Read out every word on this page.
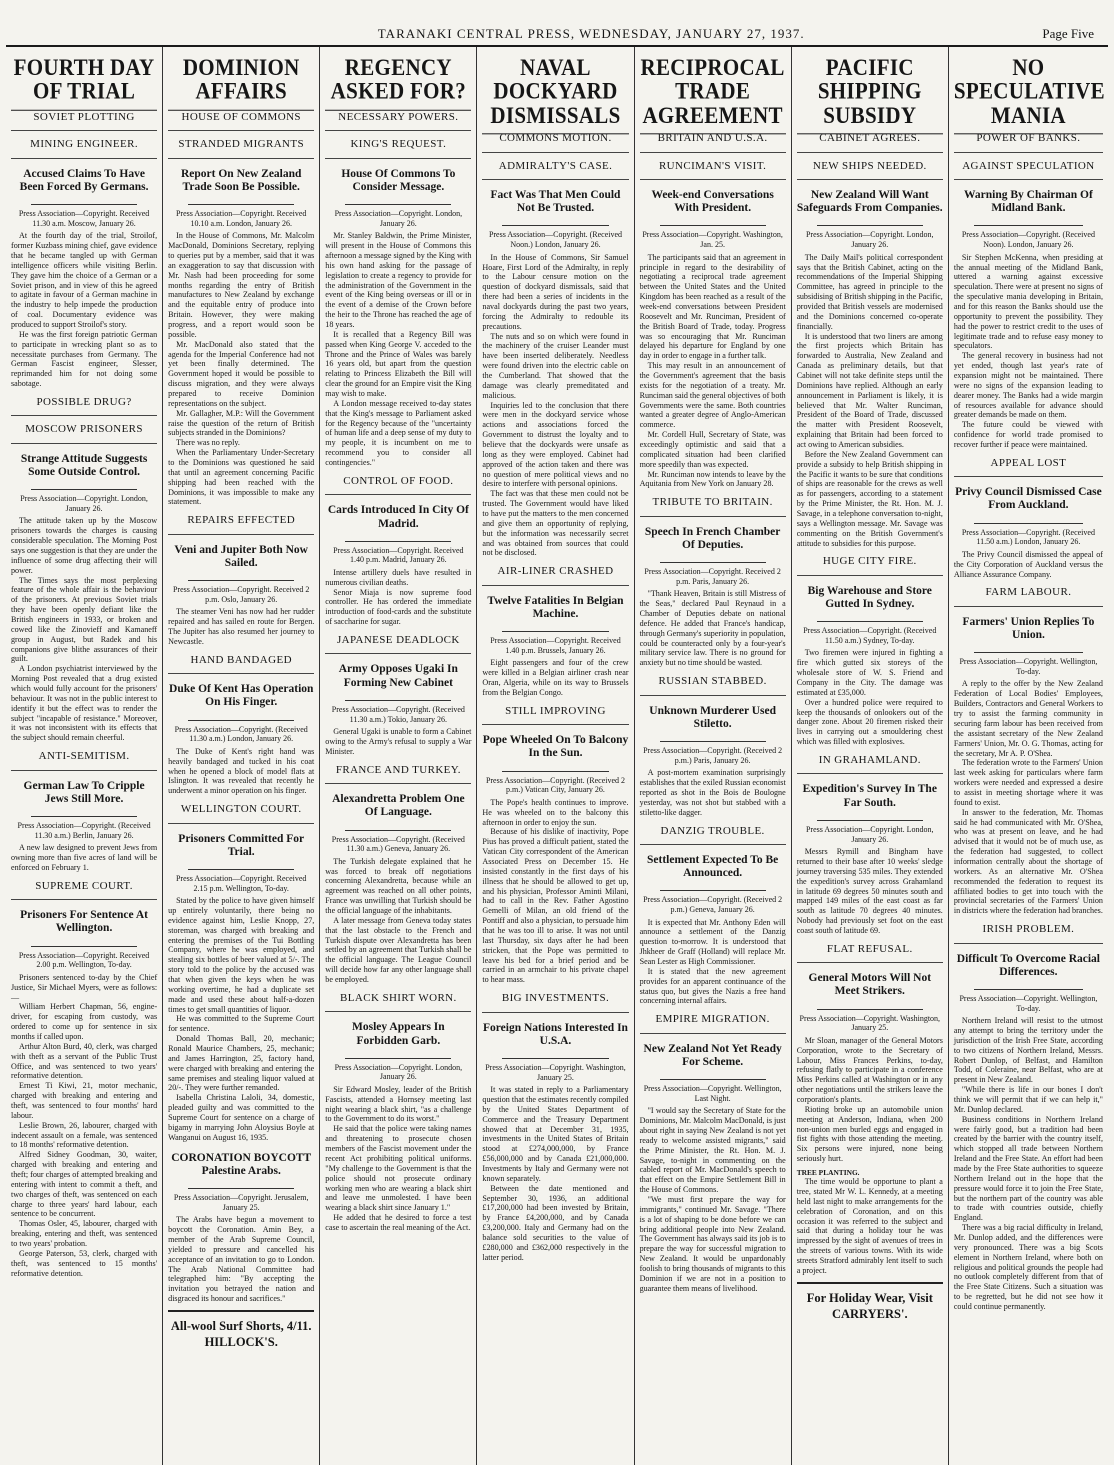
TARANAKI CENTRAL PRESS, WEDNESDAY, JANUARY 27, 1937.	Page Five
FOURTH DAY OF TRIAL
SOVIET PLOTTING
MINING ENGINEER.
Accused Claims To Have Been Forced By Germans.
Press Association—Copyright. Received 11.30 a.m. Moscow, January 26.

At the fourth day of the trial, Stroilof, former Kuzbass mining chief, gave evidence that he became tangled up with German intelligence officers while visiting Berlin. They gave him the choice of a German or a Soviet prison, and in view of this he agreed to agitate in favour of a German machine in the industry to help impede the production of coal. Documentary evidence was produced to support Stroilof's story.

He was the first foreign patriotic German to participate in wrecking plant so as to necessitate purchases from Germany. The German Fascist engineer, Slesser, reprimanded him for not doing some sabotage.

POSSIBLE DRUG?
MOSCOW PRISONERS
Strange Attitude Suggests Some Outside Control.
Press Association—Copyright. London, January 26.

The attitude taken up by the Moscow prisoners towards the charges is causing considerable speculation. The Morning Post says one suggestion is that they are under the influence of some drug affecting their will power.

The Times says the most perplexing feature of the whole affair is the behaviour of the prisoners. At previous Soviet trials they have been openly defiant like the British engineers in 1933, or broken and cowed like the Zinovieff and Kamaneff group in August, but Radek and his companions give blithe assurances of their guilt.

A London psychiatrist interviewed by the Morning Post revealed that a drug existed which would fully account for the prisoners' behaviour. It was not in the public interest to identify it but the effect was to render the subject "incapable of resistance." Moreover, it was not inconsistent with its effects that the subject should remain cheerful.

ANTI-SEMITISM.
German Law To Cripple Jews Still More.
Press Association—Copyright. (Received 11.30 a.m.) Berlin, January 26.

A new law designed to prevent Jews from owning more than five acres of land will be enforced on February 1.

SUPREME COURT.
Prisoners For Sentence At Wellington.
Press Association—Copyright. Received 2.00 p.m. Wellington, To-day.

Prisoners sentenced to-day by the Chief Justice, Sir Michael Myers, were as follows:—

William Herbert Chapman, 56, engine-driver, for escaping from custody, was ordered to come up for sentence in six months if called upon.

Arthur Alton Burd, 40, clerk, was charged with theft as a servant of the Public Trust Office, and was sentenced to two years' reformative detention.

Ernest Ti Kiwi, 21, motor mechanic, charged with breaking and entering and theft, was sentenced to four months' hard labour.

Leslie Brown, 26, labourer, charged with indecent assault on a female, was sentenced to 18 months' reformative detention.

Alfred Sidney Goodman, 30, waiter, charged with breaking and entering and theft; four charges of attempted breaking and entering with intent to commit a theft, and two charges of theft, was sentenced on each charge to three years' hard labour, each sentence to be concurrent.

Thomas Osler, 45, labourer, charged with breaking, entering and theft, was sentenced to two years' probation.

George Paterson, 53, clerk, charged with theft, was sentenced to 15 months' reformative detention.

DOMINION AFFAIRS
HOUSE OF COMMONS
STRANDED MIGRANTS
Report On New Zealand Trade Soon Be Possible.
Press Association—Copyright. Received 10.10 a.m. London, January 26.

In the House of Commons, Mr. Malcolm MacDonald, Dominions Secretary, replying to queries put by a member, said that it was an exaggeration to say that discussion with Mr. Nash had been proceeding for some months regarding the entry of British manufactures to New Zealand by exchange and the equitable entry of produce into Britain. However, they were making progress, and a report would soon be possible.

Mr. MacDonald also stated that the agenda for the Imperial Conference had not yet been finally determined. The Government hoped it would be possible to discuss migration, and they were always prepared to receive Dominion representations on the subject.

Mr. Gallagher, M.P.: Will the Government raise the question of the return of British subjects stranded in the Dominions?

There was no reply.

When the Parliamentary Under-Secretary to the Dominions was questioned he said that until an agreement concerning Pacific shipping had been reached with the Dominions, it was impossible to make any statement.

REPAIRS EFFECTED
Veni and Jupiter Both Now Sailed.
Press Association—Copyright. Received 2 p.m. Oslo, January 26.

The steamer Veni has now had her rudder repaired and has sailed en route for Bergen. The Jupiter has also resumed her journey to Newcastle.

HAND BANDAGED
Duke Of Kent Has Operation On His Finger.
Press Association—Copyright. (Received 11.30 a.m.) London, January 26.

The Duke of Kent's right hand was heavily bandaged and tucked in his coat when he opened a block of model flats at Islington. It was revealed that recently he underwent a minor operation on his finger.

WELLINGTON COURT.
Prisoners Committed For Trial.
Press Association—Copyright. Received 2.15 p.m. Wellington, To-day.

Stated by the police to have given himself up entirely voluntarily, there being no evidence against him, Leslie Knopp, 27, storeman, was charged with breaking and entering the premises of the Tui Bottling Company, where he was employed, and stealing six bottles of beer valued at 5/-. The story told to the police by the accused was that when given the keys when he was working overtime, he had a duplicate set made and used these about half-a-dozen times to get small quantities of liquor.

He was committed to the Supreme Court for sentence.

Donald Thomas Ball, 20, mechanic; Ronald Maurice Chambers, 25, mechanic; and James Harrington, 25, factory hand, were charged with breaking and entering the same premises and stealing liquor valued at 20/-. They were further remanded.

Isabella Christina Laloli, 34, domestic, pleaded guilty and was committed to the Supreme Court for sentence on a charge of bigamy in marrying John Aloysius Boyle at Wanganui on August 16, 1935.

CORONATION BOYCOTT Palestine Arabs.
Press Association—Copyright. Jerusalem, January 25.

The Arabs have begun a movement to boycott the Coronation. Amin Bey, a member of the Arab Supreme Council, yielded to pressure and cancelled his acceptance of an invitation to go to London. The Arab National Committee had telegraphed him: "By accepting the invitation you betrayed the nation and disgraced its honour and sacrifices."

All-wool Surf Shorts, 4/11. HILLOCK'S.
REGENCY ASKED FOR?
NECESSARY POWERS.
KING'S REQUEST.
House Of Commons To Consider Message.
Press Association—Copyright. London, January 26.

Mr. Stanley Baldwin, the Prime Minister, will present in the House of Commons this afternoon a message signed by the King with his own hand asking for the passage of legislation to create a regency to provide for the administration of the Government in the event of the King being overseas or ill or in the event of a demise of the Crown before the heir to the Throne has reached the age of 18 years.

It is recalled that a Regency Bill was passed when King George V. acceded to the Throne and the Prince of Wales was barely 16 years old, but apart from the question relating to Princess Elizabeth the Bill will clear the ground for an Empire visit the King may wish to make.

A London message received to-day states that the King's message to Parliament asked for the Regency because of the "uncertainty of human life and a deep sense of my duty to my people, it is incumbent on me to recommend you to consider all contingencies."

CONTROL OF FOOD.
Cards Introduced In City Of Madrid.
Press Association—Copyright. Received 1.40 p.m. Madrid, January 26.

Intense artillery duels have resulted in numerous civilian deaths.

Senor Miaja is now supreme food controller. He has ordered the immediate introduction of food-cards and the substitute of saccharine for sugar.

JAPANESE DEADLOCK
Army Opposes Ugaki In Forming New Cabinet
Press Association—Copyright. (Received 11.30 a.m.) Tokio, January 26.

General Ugaki is unable to form a Cabinet owing to the Army's refusal to supply a War Minister.

FRANCE AND TURKEY.
Alexandretta Problem One Of Language.
Press Association—Copyright. (Received 11.30 a.m.) Geneva, January 26.

The Turkish delegate explained that he was forced to break off negotiations concerning Alexandretta, because while an agreement was reached on all other points, France was unwilling that Turkish should be the official language of the inhabitants.

A later message from Geneva today states that the last obstacle to the French and Turkish dispute over Alexandretta has been settled by an agreement that Turkish shall be the official language. The League Council will decide how far any other language shall be employed.

BLACK SHIRT WORN.
Mosley Appears In Forbidden Garb.
Press Association—Copyright. London, January 26.

Sir Edward Mosley, leader of the British Fascists, attended a Hornsey meeting last night wearing a black shirt, "as a challenge to the Government to do its worst."

He said that the police were taking names and threatening to prosecute chosen members of the Fascist movement under the recent Act prohibiting political uniforms. "My challenge to the Government is that the police should not prosecute ordinary working men who are wearing a black shirt and leave me unmolested. I have been wearing a black shirt since January 1."

He added that he desired to force a test case to ascertain the real meaning of the Act.

NAVAL DOCKYARD DISMISSALS
COMMONS MOTION.
ADMIRALTY'S CASE.
Fact Was That Men Could Not Be Trusted.
Press Association—Copyright. (Received Noon.) London, January 26.

In the House of Commons, Sir Samuel Hoare, First Lord of the Admiralty, in reply to the Labour censure motion on the question of dockyard dismissals, said that there had been a series of incidents in the naval dockyards during the past two years, forcing the Admiralty to redouble its precautions.

The nuts and so on which were found in the machinery of the cruiser Leander must have been inserted deliberately. Needless were found driven into the electric cable on the Cumberland. That showed that the damage was clearly premeditated and malicious.

Inquiries led to the conclusion that there were men in the dockyard service whose actions and associations forced the Government to distrust the loyalty and to believe that the dockyards were unsafe as long as they were employed. Cabinet had approved of the action taken and there was no question of mere political views and no desire to interfere with personal opinions.

The fact was that these men could not be trusted. The Government would have liked to have put the matters to the men concerned and give them an opportunity of replying, but the information was necessarily secret and was obtained from sources that could not be disclosed.

AIR-LINER CRASHED
Twelve Fatalities In Belgian Machine.
Press Association—Copyright. Received 1.40 p.m. Brussels, January 26.

Eight passengers and four of the crew were killed in a Belgian airliner crash near Oran, Algeria, while on its way to Brussels from the Belgian Congo.

STILL IMPROVING
Pope Wheeled On To Balcony In the Sun.
Press Association—Copyright. (Received 2 p.m.) Vatican City, January 26.

The Pope's health continues to improve. He was wheeled on to the balcony this afternoon in order to enjoy the sun.

Because of his dislike of inactivity, Pope Pius has proved a difficult patient, stated the Vatican City correspondent of the American Associated Press on December 15. He insisted constantly in the first days of his illness that he should be allowed to get up, and his physician, Professor Aminti Milani, had to call in the Rev. Father Agostino Gemelli of Milan, an old friend of the Pontiff and also a physician, to persuade him that he was too ill to arise. It was not until last Thursday, six days after he had been stricken, that the Pope was permitted to leave his bed for a brief period and be carried in an armchair to his private chapel to hear mass.

BIG INVESTMENTS.
Foreign Nations Interested In U.S.A.
Press Association—Copyright. Washington, January 25.

It was stated in reply to a Parliamentary question that the estimates recently compiled by the United States Department of Commerce and the Treasury Department showed that at December 31, 1935, investments in the United States of Britain stood at £274,000,000, by France £56,000,000 and by Canada £21,000,000. Investments by Italy and Germany were not known separately.

Between the date mentioned and September 30, 1936, an additional £17,200,000 had been invested by Britain, by France £4,200,000, and by Canada £3,200,000. Italy and Germany had on the balance sold securities to the value of £280,000 and £362,000 respectively in the latter period.

RECIPROCAL TRADE AGREEMENT
BRITAIN AND U.S.A.
RUNCIMAN'S VISIT.
Week-end Conversations With President.
Press Association—Copyright. Washington, Jan. 25.

The participants said that an agreement in principle in regard to the desirability of negotiating a reciprocal trade agreement between the United States and the United Kingdom has been reached as a result of the week-end conversations between President Roosevelt and Mr. Runciman, President of the British Board of Trade, today. Progress was so encouraging that Mr. Runciman delayed his departure for England by one day in order to engage in a further talk.

This may result in an announcement of the Government's agreement that the basis exists for the negotiation of a treaty. Mr. Runciman said the general objectives of both Governments were the same. Both countries wanted a greater degree of Anglo-American commerce.

Mr. Cordell Hull, Secretary of State, was exceedingly optimistic and said that a complicated situation had been clarified more speedily than was expected.

Mr. Runciman now intends to leave by the Aquitania from New York on January 28.

TRIBUTE TO BRITAIN.
Speech In French Chamber Of Deputies.
Press Association—Copyright. Received 2 p.m. Paris, January 26.

"Thank Heaven, Britain is still Mistress of the Seas," declared Paul Reynaud in a Chamber of Deputies debate on national defence. He added that France's handicap, through Germany's superiority in population, could be counteracted only by a four-year's military service law. There is no ground for anxiety but no time should be wasted.

RUSSIAN STABBED.
Unknown Murderer Used Stiletto.
Press Association—Copyright. (Received 2 p.m.) Paris, January 26.

A post-mortem examination surprisingly establishes that the exiled Russian economist reported as shot in the Bois de Boulogne yesterday, was not shot but stabbed with a stiletto-like dagger.

DANZIG TROUBLE.
Settlement Expected To Be Announced.
Press Association—Copyright. (Received 2 p.m.) Geneva, January 26.

It is expected that Mr. Anthony Eden will announce a settlement of the Danzig question to-morrow. It is understood that Jhkheer de Graff (Holland) will replace Mr. Sean Lester as High Commissioner.

It is stated that the new agreement provides for an apparent continuance of the status quo, but gives the Nazis a free hand concerning internal affairs.

EMPIRE MIGRATION.
New Zealand Not Yet Ready For Scheme.
Press Association—Copyright. Wellington, Last Night.

"I would say the Secretary of State for the Dominions, Mr. Malcolm MacDonald, is just about right in saying New Zealand is not yet ready to welcome assisted migrants," said the Prime Minister, the Rt. Hon. M. J. Savage, to-night in commenting on the cabled report of Mr. MacDonald's speech to that effect on the Empire Settlement Bill in the House of Commons.

"We must first prepare the way for immigrants," continued Mr. Savage. "There is a lot of shaping to be done before we can bring additional people into New Zealand. The Government has always said its job is to prepare the way for successful migration to New Zealand. It would be unpardonably foolish to bring thousands of migrants to this Dominion if we are not in a position to guarantee them means of livelihood.

PACIFIC SHIPPING SUBSIDY
CABINET AGREES.
NEW SHIPS NEEDED.
New Zealand Will Want Safeguards From Companies.
Press Association—Copyright. London, January 26.

The Daily Mail's political correspondent says that the British Cabinet, acting on the recommendations of the Imperial Shipping Committee, has agreed in principle to the subsidising of British shipping in the Pacific, provided that British vessels are modernised and the Dominions concerned co-operate financially.

It is understood that two liners are among the first projects which Britain has forwarded to Australia, New Zealand and Canada as preliminary details, but that Cabinet will not take definite steps until the Dominions have replied. Although an early announcement in Parliament is likely, it is believed that Mr. Walter Runciman, President of the Board of Trade, discussed the matter with President Roosevelt, explaining that Britain had been forced to act owing to American subsidies.

Before the New Zealand Government can provide a subsidy to help British shipping in the Pacific it wants to be sure that conditions of ships are reasonable for the crews as well as for passengers, according to a statement by the Prime Minister, the Rt. Hon. M. J. Savage, in a telephone conversation to-night, says a Wellington message. Mr. Savage was commenting on the British Government's attitude to subsidies for this purpose.

HUGE CITY FIRE.
Big Warehouse and Store Gutted In Sydney.
Press Association—Copyright. (Received 11.50 a.m.) Sydney, To-day.

Two firemen were injured in fighting a fire which gutted six storeys of the wholesale store of W. S. Friend and Company in the City. The damage was estimated at £35,000.

Over a hundred police were required to keep the thousands of onlookers out of the danger zone. About 20 firemen risked their lives in carrying out a smouldering chest which was filled with explosives.

IN GRAHAMLAND.
Expedition's Survey In The Far South.
Press Association—Copyright. London, January 26.

Messrs Rymill and Bingham have returned to their base after 10 weeks' sledge journey traversing 535 miles. They extended the expedition's survey across Grahamland in latitude 69 degrees 50 minutes south and mapped 149 miles of the east coast as far south as latitude 70 degrees 40 minutes. Nobody had previously set foot on the east coast south of latitude 69.

FLAT REFUSAL.
General Motors Will Not Meet Strikers.
Press Association—Copyright. Washington, January 25.

Mr Sloan, manager of the General Motors Corporation, wrote to the Secretary of Labour, Miss Frances Perkins, to-day, refusing flatly to participate in a conference Miss Perkins called at Washington or in any other negotiations until the strikers leave the corporation's plants.

Rioting broke up an automobile union meeting at Anderson, Indiana, when 200 non-union men burled eggs and engaged in fist fights with those attending the meeting. Six persons were injured, none being seriously hurt.

TREE PLANTING.

The time would be opportune to plant a tree, stated Mr W. L. Kennedy, at a meeting held last night to make arrangements for the celebration of Coronation, and on this occasion it was referred to the subject and said that during a holiday tour he was impressed by the sight of avenues of trees in the streets of various towns. With its wide streets Stratford admirably lent itself to such a project.

For Holiday Wear, Visit CARRYERS'.
NO SPECULATIVE MANIA
POWER OF BANKS.
AGAINST SPECULATION
Warning By Chairman Of Midland Bank.
Press Association—Copyright. (Received Noon). London, January 26.

Sir Stephen McKenna, when presiding at the annual meeting of the Midland Bank, uttered a warning against excessive speculation. There were at present no signs of the speculative mania developing in Britain, and for this reason the Banks should use the opportunity to prevent the possibility. They had the power to restrict credit to the uses of legitimate trade and to refuse easy money to speculators.

The general recovery in business had not yet ended, though last year's rate of expansion might not be maintained. There were no signs of the expansion leading to dearer money. The Banks had a wide margin of resources available for advance should greater demands be made on them.

The future could be viewed with confidence for world trade promised to recover further if peace were maintained.

APPEAL LOST
Privy Council Dismissed Case From Auckland.
Press Association—Copyright. (Received 11.50 a.m.) London, January 26.

The Privy Council dismissed the appeal of the City Corporation of Auckland versus the Alliance Assurance Company.

FARM LABOUR.
Farmers' Union Replies To Union.
Press Association—Copyright. Wellington, To-day.

A reply to the offer by the New Zealand Federation of Local Bodies' Employees, Builders, Contractors and General Workers to try to assist the farming community in securing farm labour has been received from the assistant secretary of the New Zealand Farmers' Union, Mr. O. G. Thomas, acting for the secretary, Mr A. P. O'Shea.

The federation wrote to the Farmers' Union last week asking for particulars where farm workers were needed and expressed a desire to assist in meeting shortage where it was found to exist.

In answer to the federation, Mr. Thomas said he had communicated with Mr. O'Shea, who was at present on leave, and he had advised that it would not be of much use, as the federation had suggested, to collect information centrally about the shortage of workers. As an alternative Mr. O'Shea recommended the federation to request its affiliated bodies to get into touch with the provincial secretaries of the Farmers' Union in districts where the federation had branches.

IRISH PROBLEM.
Difficult To Overcome Racial Differences.
Press Association—Copyright. Wellington, To-day.

Northern Ireland will resist to the utmost any attempt to bring the territory under the jurisdiction of the Irish Free State, according to two citizens of Northern Ireland, Messrs. Robert Dunlop, of Belfast, and Hamilton Todd, of Coleraine, near Belfast, who are at present in New Zealand.

"While there is life in our bones I don't think we will permit that if we can help it," Mr. Dunlop declared.

Business conditions in Northern Ireland were fairly good, but a tradition had been created by the barrier with the country itself, which stopped all trade between Northern Ireland and the Free State. An effort had been made by the Free State authorities to squeeze Northern Ireland out in the hope that the pressure would force it to join the Free State, but the northern part of the country was able to trade with countries outside, chiefly England.

There was a big racial difficulty in Ireland, Mr. Dunlop added, and the differences were very pronounced. There was a big Scots element in Northern Ireland, where both on religious and political grounds the people had no outlook completely different from that of the Free State Citizens. Such a situation was to be regretted, but he did not see how it could continue permanently.
